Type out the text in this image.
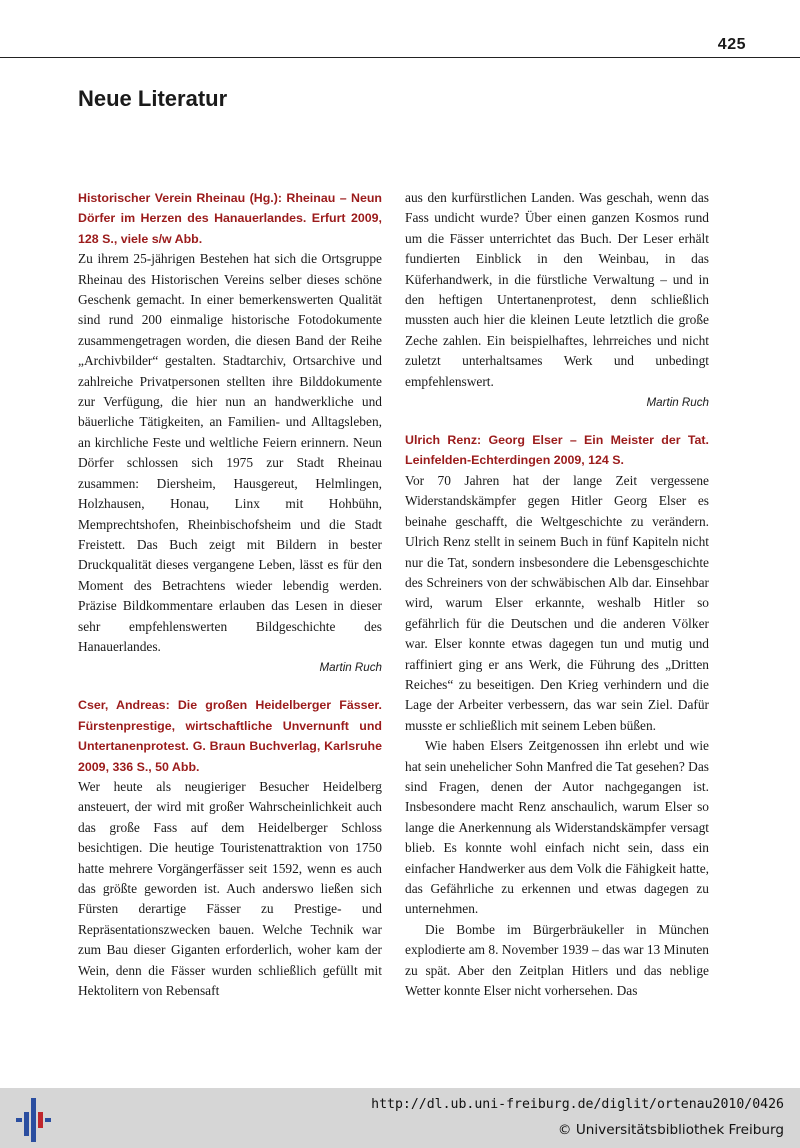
425
Neue Literatur
Historischer Verein Rheinau (Hg.): Rheinau – Neun Dörfer im Herzen des Hanauerlandes. Erfurt 2009, 128 S., viele s/w Abb.

Zu ihrem 25-jährigen Bestehen hat sich die Ortsgruppe Rheinau des Historischen Vereins selber dieses schöne Geschenk gemacht. In einer bemerkenswerten Qualität sind rund 200 einmalige historische Fotodokumente zusammengetragen worden, die diesen Band der Reihe „Archivbilder“ gestalten. Stadtarchiv, Ortsarchive und zahlreiche Privatpersonen stellten ihre Bilddokumente zur Verfügung, die hier nun an handwerkliche und bäuerliche Tätigkeiten, an Familien- und Alltagsleben, an kirchliche Feste und weltliche Feiern erinnern. Neun Dörfer schlossen sich 1975 zur Stadt Rheinau zusammen: Diersheim, Hausgereut, Helmlingen, Holzhausen, Honau, Linx mit Hohbühn, Memprechtshofen, Rheinbischofsheim und die Stadt Freistett. Das Buch zeigt mit Bildern in bester Druckqualität dieses vergangene Leben, lässt es für den Moment des Betrachtens wieder lebendig werden. Präzise Bildkommentare erlauben das Lesen in dieser sehr empfehlenswerten Bildgeschichte des Hanauerlandes.

Martin Ruch
Cser, Andreas: Die großen Heidelberger Fässer. Fürstenprestige, wirtschaftliche Unvernunft und Untertanenprotest. G. Braun Buchverlag, Karlsruhe 2009, 336 S., 50 Abb.

Wer heute als neugieriger Besucher Heidelberg ansteuert, der wird mit großer Wahrscheinlichkeit auch das große Fass auf dem Heidelberger Schloss besichtigen. Die heutige Touristenattraktion von 1750 hatte mehrere Vorgängerfässer seit 1592, wenn es auch das größte geworden ist. Auch anderswo ließen sich Fürsten derartige Fässer zu Prestige- und Repräsentationszwecken bauen. Welche Technik war zum Bau dieser Giganten erforderlich, woher kam der Wein, denn die Fässer wurden schließlich gefüllt mit Hektolitern von Rebensaft

aus den kurfürstlichen Landen. Was geschah, wenn das Fass undicht wurde? Über einen ganzen Kosmos rund um die Fässer unterrichtet das Buch. Der Leser erhält fundierten Einblick in den Weinbau, in das Küferhandwerk, in die fürstliche Verwaltung – und in den heftigen Untertanenprotest, denn schließlich mussten auch hier die kleinen Leute letztlich die große Zeche zahlen. Ein beispielhaftes, lehrreiches und nicht zuletzt unterhaltsames Werk und unbedingt empfehlenswert.

Martin Ruch
Ulrich Renz: Georg Elser – Ein Meister der Tat. Leinfelden-Echterdingen 2009, 124 S.

Vor 70 Jahren hat der lange Zeit vergessene Widerstandskämpfer gegen Hitler Georg Elser es beinahe geschafft, die Weltgeschichte zu verändern. Ulrich Renz stellt in seinem Buch in fünf Kapiteln nicht nur die Tat, sondern insbesondere die Lebensgeschichte des Schreiners von der schwäbischen Alb dar. Einsehbar wird, warum Elser erkannte, weshalb Hitler so gefährlich für die Deutschen und die anderen Völker war. Elser konnte etwas dagegen tun und mutig und raffiniert ging er ans Werk, die Führung des „Dritten Reiches“ zu beseitigen. Den Krieg verhindern und die Lage der Arbeiter verbessern, das war sein Ziel. Dafür musste er schließlich mit seinem Leben büßen.

Wie haben Elsers Zeitgenossen ihn erlebt und wie hat sein unehelicher Sohn Manfred die Tat gesehen? Das sind Fragen, denen der Autor nachgegangen ist. Insbesondere macht Renz anschaulich, warum Elser so lange die Anerkennung als Widerstandskämpfer versagt blieb. Es konnte wohl einfach nicht sein, dass ein einfacher Handwerker aus dem Volk die Fähigkeit hatte, das Gefährliche zu erkennen und etwas dagegen zu unternehmen.

Die Bombe im Bürgerbräukeller in München explodierte am 8. November 1939 – das war 13 Minuten zu spät. Aber den Zeitplan Hitlers und das neblige Wetter konnte Elser nicht vorhersehen. Das

http://dl.ub.uni-freiburg.de/diglit/ortenau2010/0426
© Universitätsbibliothek Freiburg
